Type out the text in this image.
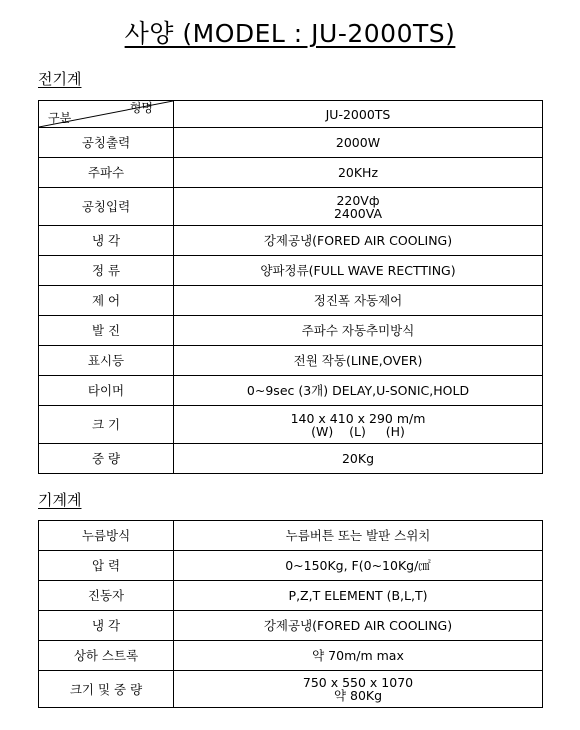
사양 (MODEL : JU-2000TS)
전기계
형명
구분	JU-2000TS
공칭출력	2000W
주파수	20KHz
공칭입력	220Vф
2400VA

냉 각	강제공냉(FORED AIR COOLING)
정 류	양파정류(FULL WAVE RECTTING)
제 어	정진폭 자동제어
발 진	주파수 자동추미방식
표시등	전원 작동(LINE,OVER)
타이머	0~9sec (3개) DELAY,U-SONIC,HOLD
크 기	140 x 410 x 290 m/m
(W)    (L)     (H)

중 량	20Kg
기계계
누름방식	누름버튼 또는 발판 스위치
압 력	0~150Kg, F(0~10Kg/㎠
진동자	P,Z,T ELEMENT (B,L,T)
냉 각	강제공냉(FORED AIR COOLING)
상하 스트록	약 70m/m max
크기 및 중 량	750 x 550 x 1070
약 80Kg
